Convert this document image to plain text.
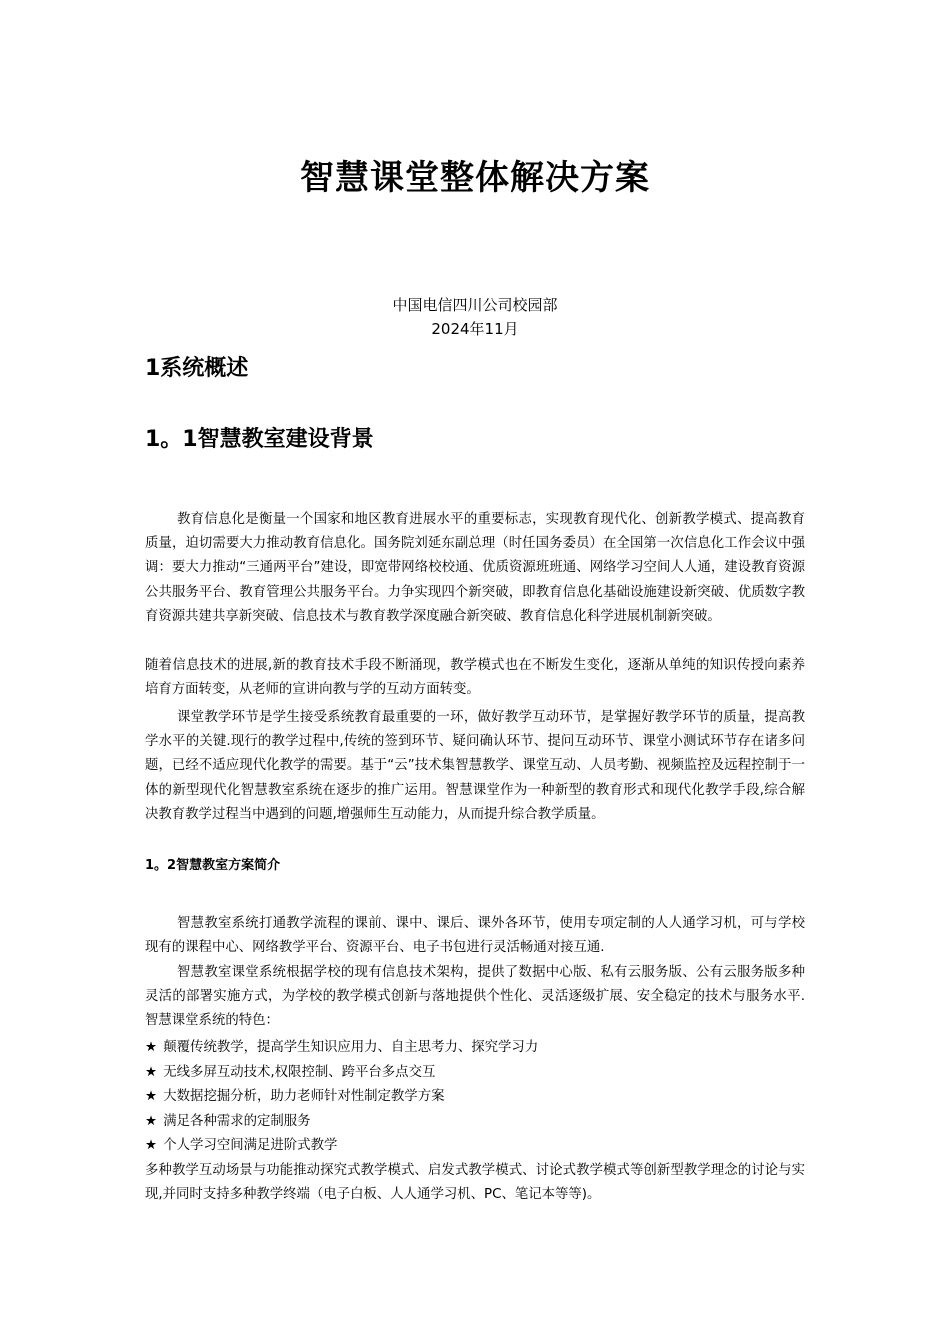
智慧课堂整体解决方案
中国电信四川公司校园部
2024年11月
1系统概述
1。1智慧教室建设背景

教育信息化是衡量一个国家和地区教育进展水平的重要标志，实现教育现代化、创新教学模式、提高教育质量，迫切需要大力推动教育信息化。国务院刘延东副总理（时任国务委员）在全国第一次信息化工作会议中强调：要大力推动“三通两平台”建设，即宽带网络校校通、优质资源班班通、网络学习空间人人通，建设教育资源公共服务平台、教育管理公共服务平台。力争实现四个新突破，即教育信息化基础设施建设新突破、优质数字教育资源共建共享新突破、信息技术与教育教学深度融合新突破、教育信息化科学进展机制新突破。

随着信息技术的进展,新的教育技术手段不断涌现，教学模式也在不断发生变化，逐渐从单纯的知识传授向素养培育方面转变，从老师的宣讲向教与学的互动方面转变。

课堂教学环节是学生接受系统教育最重要的一环，做好教学互动环节，是掌握好教学环节的质量，提高教学水平的关键.现行的教学过程中,传统的签到环节、疑问确认环节、提问互动环节、课堂小测试环节存在诸多问题，已经不适应现代化教学的需要。基于“云”技术集智慧教学、课堂互动、人员考勤、视频监控及远程控制于一体的新型现代化智慧教室系统在逐步的推广运用。智慧课堂作为一种新型的教育形式和现代化教学手段,综合解决教育教学过程当中遇到的问题,增强师生互动能力，从而提升综合教学质量。

1。2智慧教室方案简介

智慧教室系统打通教学流程的课前、课中、课后、课外各环节，使用专项定制的人人通学习机，可与学校现有的课程中心、网络教学平台、资源平台、电子书包进行灵活畅通对接互通.

智慧教室课堂系统根据学校的现有信息技术架构，提供了数据中心版、私有云服务版、公有云服务版多种灵活的部署实施方式，为学校的教学模式创新与落地提供个性化、灵活逐级扩展、安全稳定的技术与服务水平.智慧课堂系统的特色：

★ 颠覆传统教学，提高学生知识应用力、自主思考力、探究学习力
★ 无线多屏互动技术,权限控制、跨平台多点交互
★ 大数据挖掘分析，助力老师针对性制定教学方案
★ 满足各种需求的定制服务
★ 个人学习空间满足进阶式教学

多种教学互动场景与功能推动探究式教学模式、启发式教学模式、讨论式教学模式等创新型教学理念的讨论与实现,并同时支持多种教学终端（电子白板、人人通学习机、PC、笔记本等等)。
